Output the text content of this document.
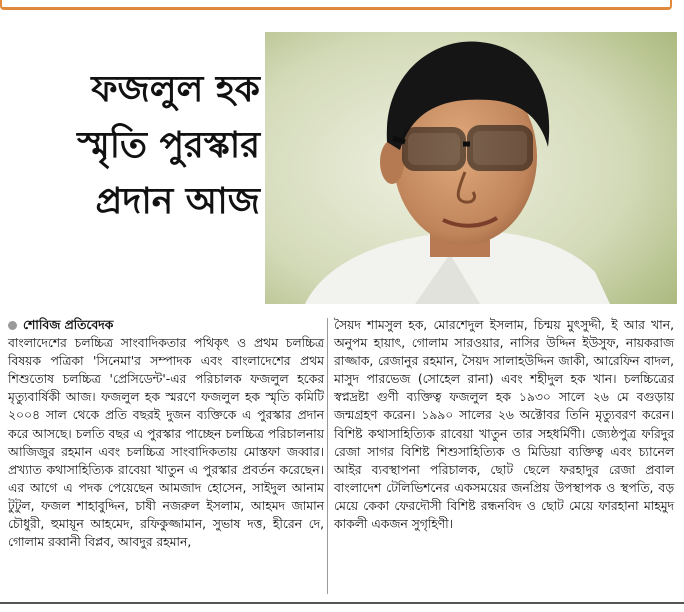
ফজলুল হক
স্মৃতি পুরস্কার
প্রদান আজ
শোবিজ প্রতিবেদক
বাংলাদেশের চলচ্চিত্র সাংবাদিকতার পথিকৃৎ ও প্রথম চলচ্চিত্র বিষয়ক পত্রিকা 'সিনেমা'র সম্পাদক এবং বাংলাদেশের প্রথম শিশুতোষ চলচ্চিত্র 'প্রেসিডেন্ট'-এর পরিচালক ফজলুল হকের মৃত্যুবার্ষিকী আজ। ফজলুল হক স্মরণে ফজলুল হক স্মৃতি কমিটি ২০০৪ সাল থেকে প্রতি বছরই দুজন ব্যক্তিকে এ পুরস্কার প্রদান করে আসছে। চলতি বছর এ পুরস্কার পাচ্ছেন চলচ্চিত্র পরিচালনায় আজিজুর রহমান এবং চলচ্চিত্র সাংবাদিকতায় মোস্তফা জব্বার। প্রখ্যাত কথাসাহিত্যিক রাবেয়া খাতুন এ পুরস্কার প্রবর্তন করেছেন। এর আগে এ পদক পেয়েছেন আমজাদ হোসেন, সাইদুল আনাম টুটুল, ফজল শাহাবুদ্দিন, চাষী নজরুল ইসলাম, আহমদ জামান চৌধুরী, হুমায়ূন আহমেদ, রফিকুজ্জামান, সুভাষ দত্ত, হীরেন দে, গোলাম রব্বানী বিপ্লব, আবদুর রহমান,
সৈয়দ শামসুল হক, মোরশেদুল ইসলাম, চিন্ময় মুৎসুদ্দী, ই আর খান, অনুপম হায়াৎ, গোলাম সারওয়ার, নাসির উদ্দিন ইউসুফ, নায়করাজ রাজ্জাক, রেজানুর রহমান, সৈয়দ সালাহউদ্দিন জাকী, আরেফিন বাদল, মাসুদ পারভেজ (সোহেল রানা) এবং শহীদুল হক খান। চলচ্চিত্রের স্বপ্নদ্রষ্টা গুণী ব্যক্তিত্ব ফজলুল হক ১৯৩০ সালে ২৬ মে বগুড়ায় জন্মগ্রহণ করেন। ১৯৯০ সালের ২৬ অক্টোবর তিনি মৃত্যুবরণ করেন। বিশিষ্ট কথাসাহিত্যিক রাবেয়া খাতুন তার সহধর্মিণী। জ্যেষ্ঠপুত্র ফরিদুর রেজা সাগর বিশিষ্ট শিশুসাহিত্যিক ও মিডিয়া ব্যক্তিত্ব এবং চ্যানেল আইর ব্যবস্থাপনা পরিচালক, ছোট ছেলে ফরহাদুর রেজা প্রবাল বাংলাদেশ টেলিভিশনের একসময়ের জনপ্রিয় উপস্থাপক ও স্থপতি, বড় মেয়ে কেকা ফেরদৌসী বিশিষ্ট রন্ধনবিদ ও ছোট মেয়ে ফারহানা মাহমুদ কাকলী একজন সুগৃহিণী।
